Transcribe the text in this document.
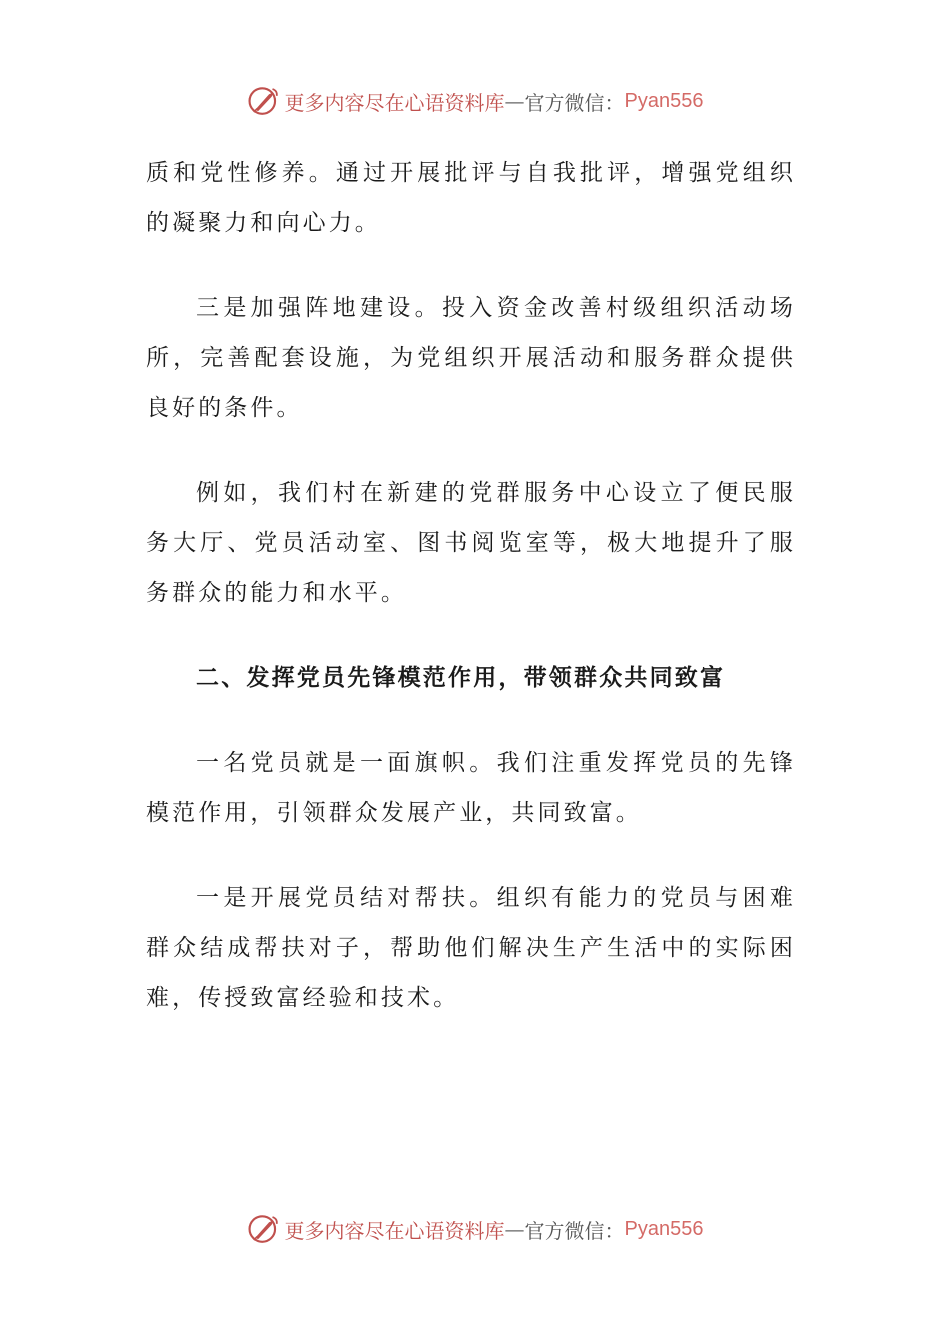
更多内容尽在心语资料库 — 官方微信： Pyan556

质和党性修养。通过开展批评与自我批评，增强党组织的凝聚力和向心力。

三是加强阵地建设。投入资金改善村级组织活动场所，完善配套设施，为党组织开展活动和服务群众提供良好的条件。

例如，我们村在新建的党群服务中心设立了便民服务大厅、党员活动室、图书阅览室等，极大地提升了服务群众的能力和水平。

二、发挥党员先锋模范作用，带领群众共同致富

一名党员就是一面旗帜。我们注重发挥党员的先锋模范作用，引领群众发展产业，共同致富。

一是开展党员结对帮扶。组织有能力的党员与困难群众结成帮扶对子，帮助他们解决生产生活中的实际困难，传授致富经验和技术。

更多内容尽在心语资料库 — 官方微信： Pyan556
